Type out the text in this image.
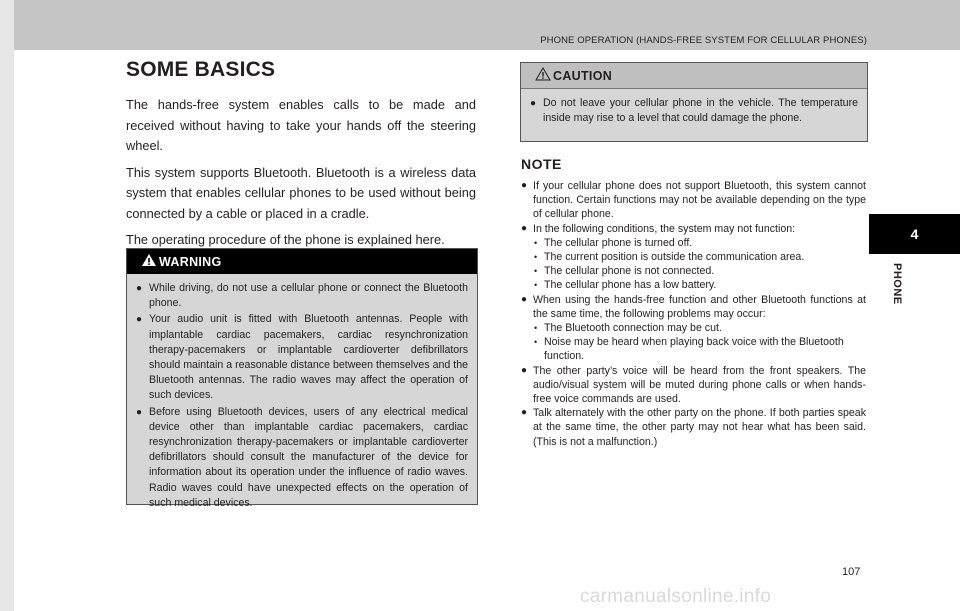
PHONE OPERATION (HANDS-FREE SYSTEM FOR CELLULAR PHONES)
SOME BASICS

The hands-free system enables calls to be made and received without having to take your hands off the steering wheel.

This system supports Bluetooth. Bluetooth is a wireless data system that enables cellular phones to be used without being connected by a cable or placed in a cradle.

The operating procedure of the phone is explained here.

WARNING
● While driving, do not use a cellular phone or connect the Bluetooth phone.
● Your audio unit is fitted with Bluetooth antennas. People with implantable cardiac pacemakers, cardiac resynchronization therapy-pacemakers or implantable cardioverter defibrillators should maintain a reasonable distance between themselves and the Bluetooth antennas. The radio waves may affect the operation of such devices.
● Before using Bluetooth devices, users of any electrical medical device other than implantable cardiac pacemakers, cardiac resynchronization therapy-pacemakers or implantable cardioverter defibrillators should consult the manufacturer of the device for information about its operation under the influence of radio waves. Radio waves could have unexpected effects on the operation of such medical devices.
CAUTION
● Do not leave your cellular phone in the vehicle. The temperature inside may rise to a level that could damage the phone.
NOTE
● If your cellular phone does not support Bluetooth, this system cannot function. Certain functions may not be available depending on the type of cellular phone.
● In the following conditions, the system may not function:
• The cellular phone is turned off.
• The current position is outside the communication area.
• The cellular phone is not connected.
• The cellular phone has a low battery.
● When using the hands-free function and other Bluetooth functions at the same time, the following problems may occur:
• The Bluetooth connection may be cut.
• Noise may be heard when playing back voice with the Bluetooth function.
● The other party’s voice will be heard from the front speakers. The audio/visual system will be muted during phone calls or when hands-free voice commands are used.
● Talk alternately with the other party on the phone. If both parties speak at the same time, the other party may not hear what has been said. (This is not a malfunction.)
4
PHONE
107
carmanualsonline.info
